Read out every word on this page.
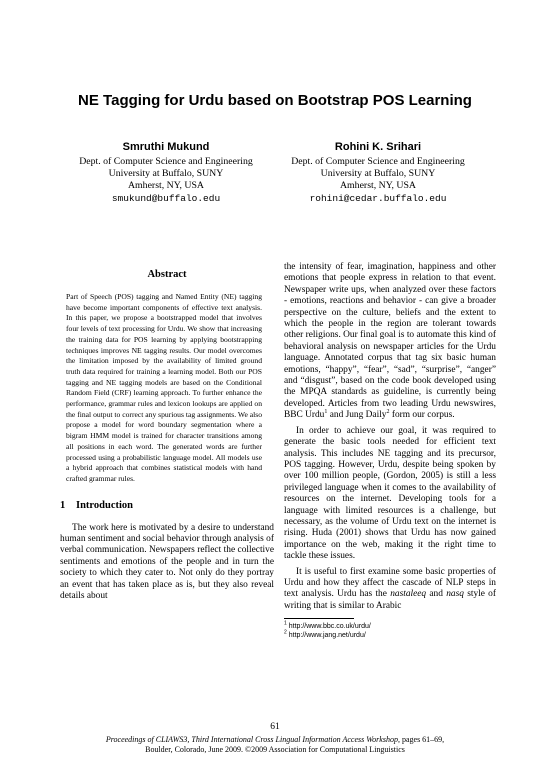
NE Tagging for Urdu based on Bootstrap POS Learning
Smruthi Mukund
Dept. of Computer Science and Engineering
University at Buffalo, SUNY
Amherst, NY, USA
smukund@buffalo.edu
Rohini K. Srihari
Dept. of Computer Science and Engineering
University at Buffalo, SUNY
Amherst, NY, USA
rohini@cedar.buffalo.edu
Abstract
Part of Speech (POS) tagging and Named Entity (NE) tagging have become important components of effective text analysis. In this paper, we propose a bootstrapped model that involves four levels of text processing for Urdu. We show that increasing the training data for POS learning by applying bootstrapping techniques improves NE tagging results. Our model overcomes the limitation imposed by the availability of limited ground truth data required for training a learning model. Both our POS tagging and NE tagging models are based on the Conditional Random Field (CRF) learning approach. To further enhance the performance, grammar rules and lexicon lookups are applied on the final output to correct any spurious tag assignments. We also propose a model for word boundary segmentation where a bigram HMM model is trained for character transitions among all positions in each word. The generated words are further processed using a probabilistic language model. All models use a hybrid approach that combines statistical models with hand crafted grammar rules.
1 Introduction

The work here is motivated by a desire to understand human sentiment and social behavior through analysis of verbal communication. Newspapers reflect the collective sentiments and emotions of the people and in turn the society to which they cater to. Not only do they portray an event that has taken place as is, but they also reveal details about

the intensity of fear, imagination, happiness and other emotions that people express in relation to that event. Newspaper write ups, when analyzed over these factors - emotions, reactions and behavior - can give a broader perspective on the culture, beliefs and the extent to which the people in the region are tolerant towards other religions. Our final goal is to automate this kind of behavioral analysis on newspaper articles for the Urdu language. Annotated corpus that tag six basic human emotions, “happy”, “fear”, “sad”, “surprise”, “anger” and “disgust”, based on the code book developed using the MPQA standards as guideline, is currently being developed. Articles from two leading Urdu newswires, BBC Urdu$^1$ and Jung Daily$^2$ form our corpus.

In order to achieve our goal, it was required to generate the basic tools needed for efficient text analysis. This includes NE tagging and its precursor, POS tagging. However, Urdu, despite being spoken by over 100 million people, (Gordon, 2005) is still a less privileged language when it comes to the availability of resources on the internet. Developing tools for a language with limited resources is a challenge, but necessary, as the volume of Urdu text on the internet is rising. Huda (2001) shows that Urdu has now gained importance on the web, making it the right time to tackle these issues.

It is useful to first examine some basic properties of Urdu and how they affect the cascade of NLP steps in text analysis. Urdu has the nastaleeq and nasq style of writing that is similar to Arabic

$^1$ http://www.bbc.co.uk/urdu/
$^2$ http://www.jang.net/urdu/
61
Proceedings of CLIAWS3, Third International Cross Lingual Information Access Workshop, pages 61–69,
Boulder, Colorado, June 2009. ©2009 Association for Computational Linguistics
